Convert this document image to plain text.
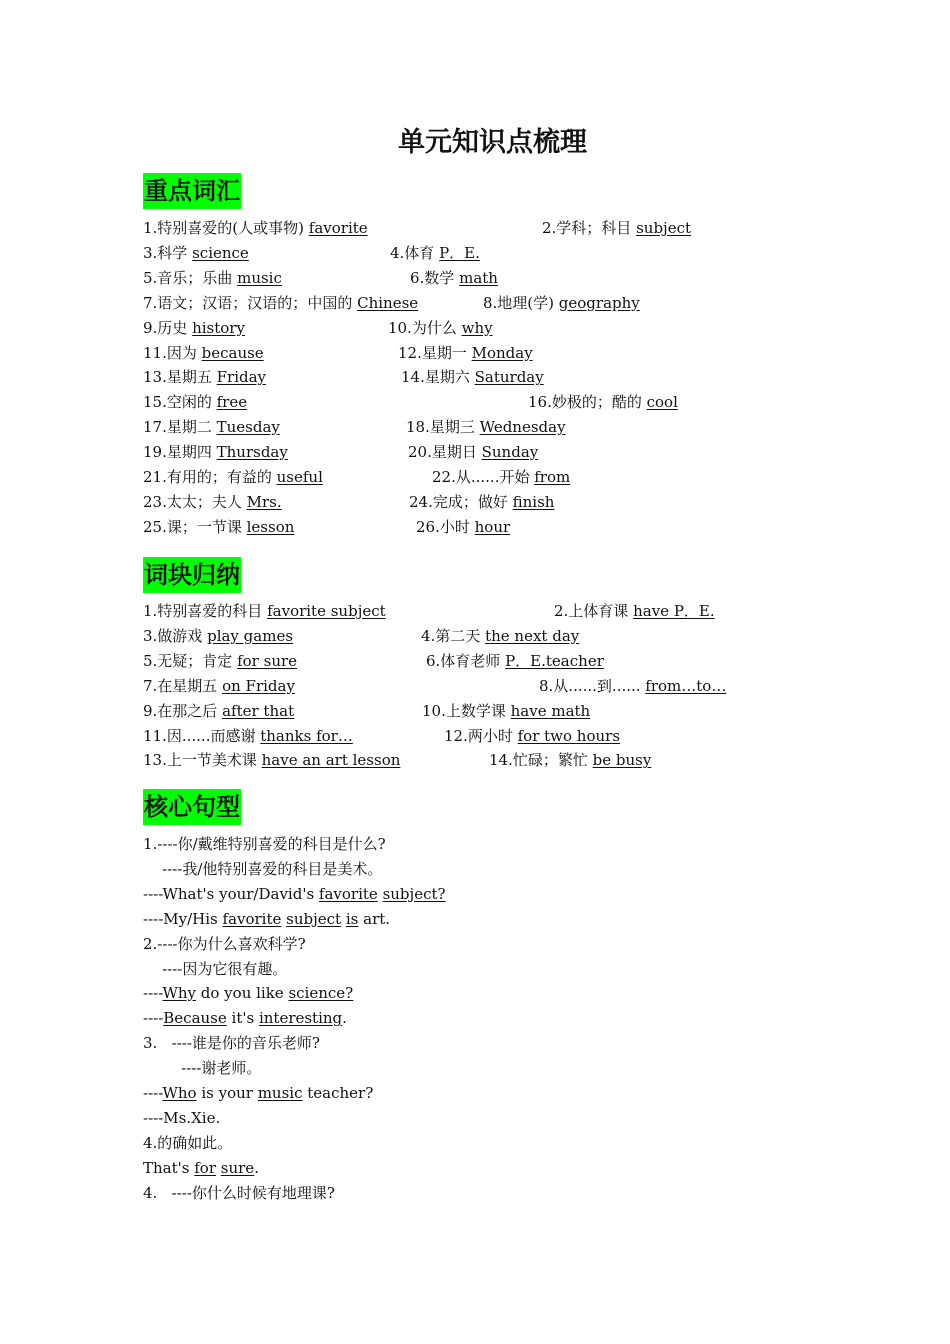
单元知识点梳理
重点词汇
1.特别喜爱的(人或事物) favorite	2.学科；科目 subject
3.科学 science	4.体育 P．E.
5.音乐；乐曲 music	6.数学 math
7.语文；汉语；汉语的；中国的 Chinese	8.地理(学) geography
9.历史 history	10.为什么 why
11.因为 because	12.星期一 Monday
13.星期五 Friday	14.星期六 Saturday
15.空闲的 free	16.妙极的；酷的 cool
17.星期二 Tuesday	18.星期三 Wednesday
19.星期四 Thursday	20.星期日 Sunday
21.有用的；有益的 useful	22.从......开始 from
23.太太；夫人 Mrs.	24.完成；做好 finish
25.课；一节课 lesson	26.小时 hour
词块归纳
1.特别喜爱的科目 favorite subject	2.上体育课 have P．E.
3.做游戏 play games	4.第二天 the next day
5.无疑；肯定 for sure	6.体育老师 P．E.teacher
7.在星期五 on Friday	8.从......到...... from…to…
9.在那之后 after that	10.上数学课 have math
11.因......而感谢 thanks for…	12.两小时 for two hours
13.上一节美术课 have an art lesson	14.忙碌；繁忙 be busy
核心句型
1.----你/戴维特别喜爱的科目是什么?
----我/他特别喜爱的科目是美术。
----What's your/David's favorite subject?
----My/His favorite subject is art.
2.----你为什么喜欢科学?
----因为它很有趣。
----Why do you like science?
----Because it's interesting.
3.   ----谁是你的音乐老师?
----谢老师。
----Who is your music teacher?
----Ms.Xie.
4.的确如此。
That's for sure.
4.   ----你什么时候有地理课?
